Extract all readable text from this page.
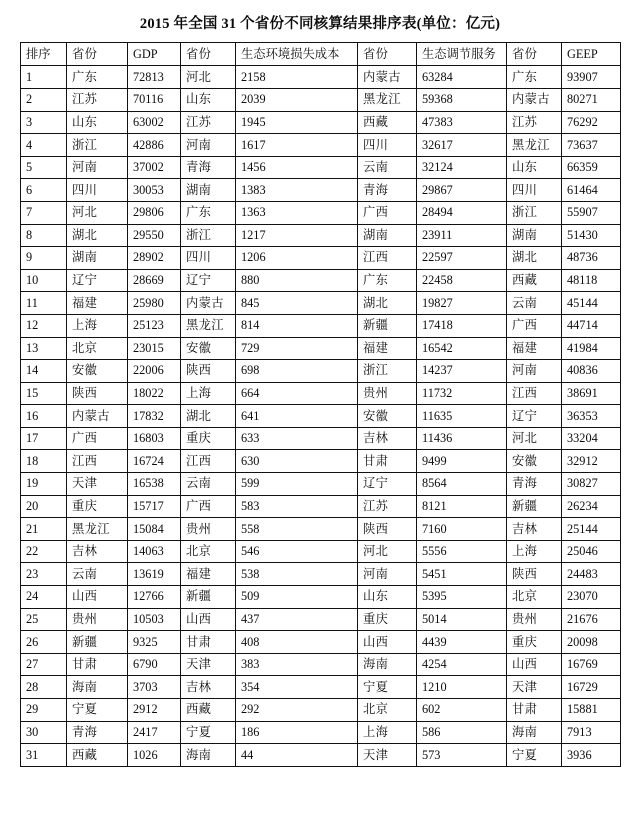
2015 年全国 31 个省份不同核算结果排序表(单位：亿元)
排序	省份	GDP	省份	生态环境损失成本	省份	生态调节服务	省份	GEEP
1	广东	72813	河北	2158	内蒙古	63284	广东	93907
2	江苏	70116	山东	2039	黑龙江	59368	内蒙古	80271
3	山东	63002	江苏	1945	西藏	47383	江苏	76292
4	浙江	42886	河南	1617	四川	32617	黑龙江	73637
5	河南	37002	青海	1456	云南	32124	山东	66359
6	四川	30053	湖南	1383	青海	29867	四川	61464
7	河北	29806	广东	1363	广西	28494	浙江	55907
8	湖北	29550	浙江	1217	湖南	23911	湖南	51430
9	湖南	28902	四川	1206	江西	22597	湖北	48736
10	辽宁	28669	辽宁	880	广东	22458	西藏	48118
11	福建	25980	内蒙古	845	湖北	19827	云南	45144
12	上海	25123	黑龙江	814	新疆	17418	广西	44714
13	北京	23015	安徽	729	福建	16542	福建	41984
14	安徽	22006	陕西	698	浙江	14237	河南	40836
15	陕西	18022	上海	664	贵州	11732	江西	38691
16	内蒙古	17832	湖北	641	安徽	11635	辽宁	36353
17	广西	16803	重庆	633	吉林	11436	河北	33204
18	江西	16724	江西	630	甘肃	9499	安徽	32912
19	天津	16538	云南	599	辽宁	8564	青海	30827
20	重庆	15717	广西	583	江苏	8121	新疆	26234
21	黑龙江	15084	贵州	558	陕西	7160	吉林	25144
22	吉林	14063	北京	546	河北	5556	上海	25046
23	云南	13619	福建	538	河南	5451	陕西	24483
24	山西	12766	新疆	509	山东	5395	北京	23070
25	贵州	10503	山西	437	重庆	5014	贵州	21676
26	新疆	9325	甘肃	408	山西	4439	重庆	20098
27	甘肃	6790	天津	383	海南	4254	山西	16769
28	海南	3703	吉林	354	宁夏	1210	天津	16729
29	宁夏	2912	西藏	292	北京	602	甘肃	15881
30	青海	2417	宁夏	186	上海	586	海南	7913
31	西藏	1026	海南	44	天津	573	宁夏	3936
